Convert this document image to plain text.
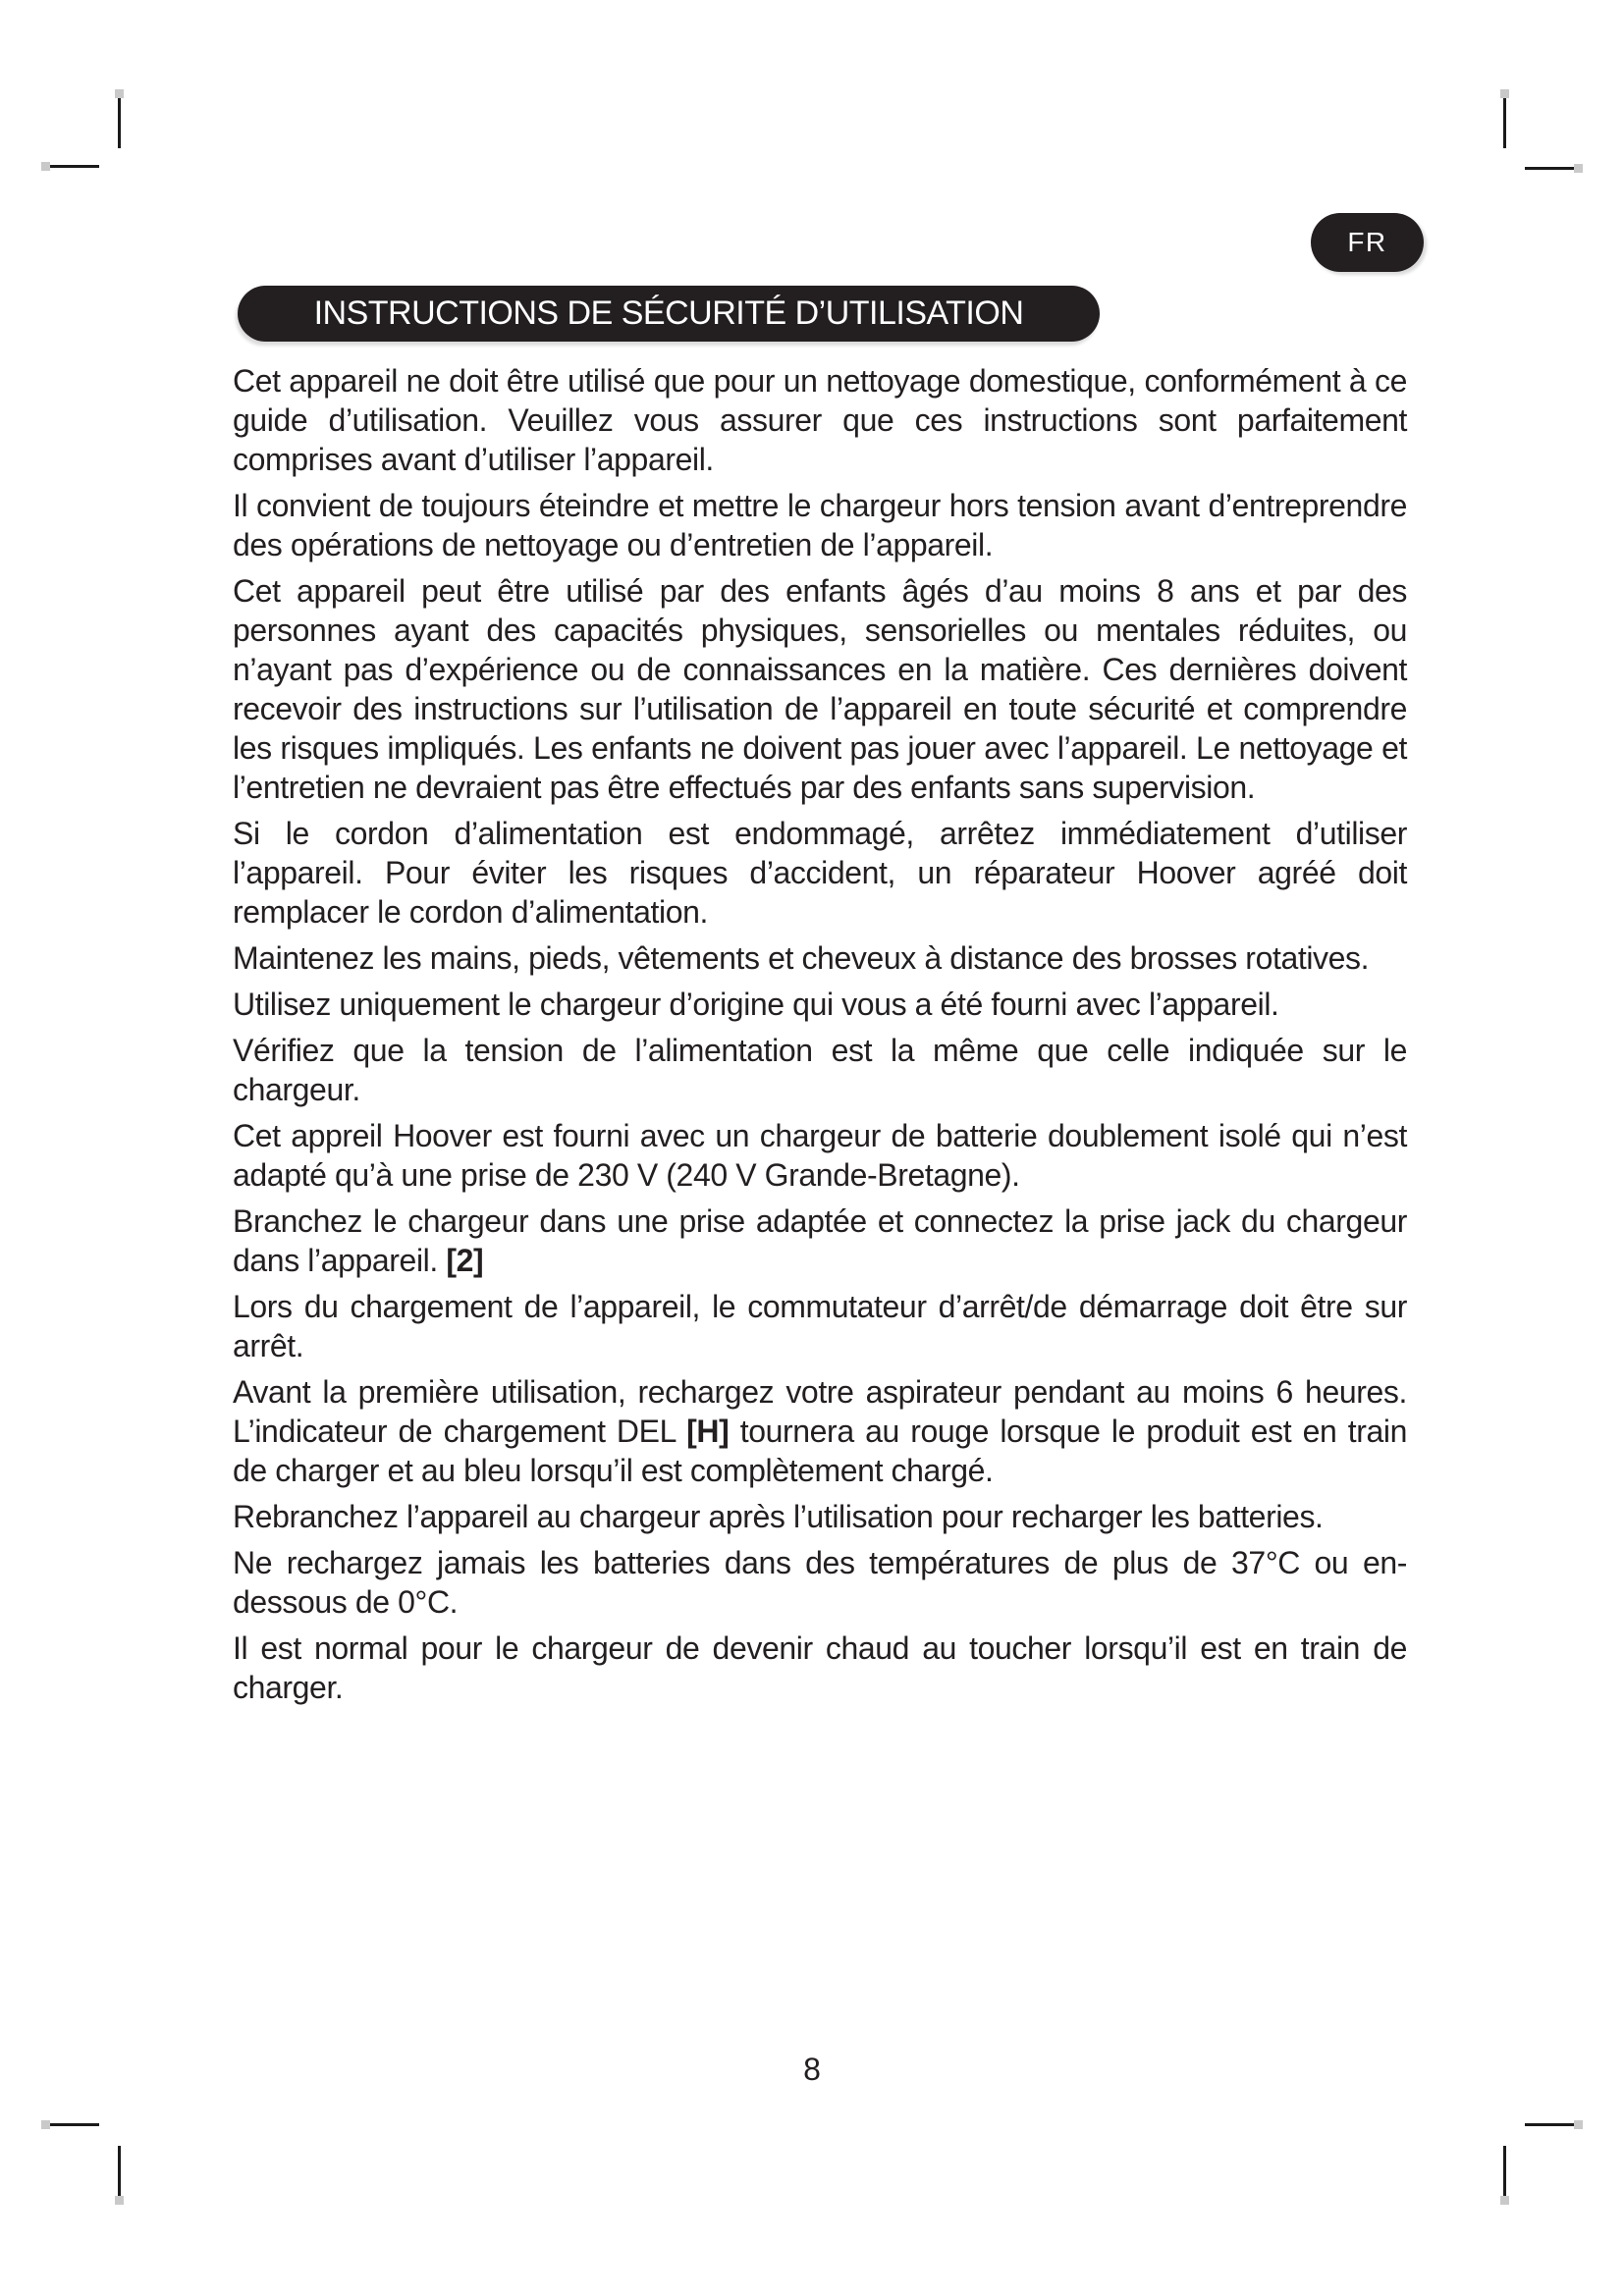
FR
INSTRUCTIONS DE SÉCURITÉ D’UTILISATION
Cet appareil ne doit être utilisé que pour un nettoyage domestique, conformément à ce guide d’utilisation. Veuillez vous assurer que ces instructions sont parfaitement comprises avant d’utiliser l’appareil.
Il convient de toujours éteindre et mettre le chargeur hors tension avant d’entreprendre des opérations de nettoyage ou d’entretien de l’appareil.
Cet appareil peut être utilisé par des enfants âgés d’au moins 8 ans et par des personnes ayant des capacités physiques, sensorielles ou mentales réduites, ou n’ayant pas d’expérience ou de connaissances en la matière. Ces dernières doivent recevoir des instructions sur l’utilisation de l’appareil en toute sécurité et comprendre les risques impliqués. Les enfants ne doivent pas jouer avec l’appareil. Le nettoyage et l’entretien ne devraient pas être effectués par des enfants sans supervision.
Si le cordon d’alimentation est endommagé, arrêtez immédiatement d’utiliser l’appareil. Pour éviter les risques d’accident, un réparateur Hoover agréé doit remplacer le cordon d’alimentation.
Maintenez les mains, pieds, vêtements et cheveux à distance des brosses rotatives.
Utilisez uniquement le chargeur d’origine qui vous a été fourni avec l’appareil.
Vérifiez que la tension de l’alimentation est la même que celle indiquée sur le chargeur.
Cet appreil Hoover est fourni avec un chargeur de batterie doublement isolé qui n’est adapté qu’à une prise de 230 V (240 V Grande-Bretagne).
Branchez le chargeur dans une prise adaptée et connectez la prise jack du chargeur dans l’appareil. [2]
Lors du chargement de l’appareil, le commutateur d’arrêt/de démarrage doit être sur arrêt.
Avant la première utilisation, rechargez votre aspirateur pendant au moins 6 heures. L’indicateur de chargement DEL [H] tournera au rouge lorsque le produit est en train de charger et au bleu lorsqu’il est complètement chargé.
Rebranchez l’appareil au chargeur après l’utilisation pour recharger les batteries.
Ne rechargez jamais les batteries dans des températures de plus de 37°C ou en-dessous de 0°C.
Il est normal pour le chargeur de devenir chaud au toucher lorsqu’il est en train de charger.
8
